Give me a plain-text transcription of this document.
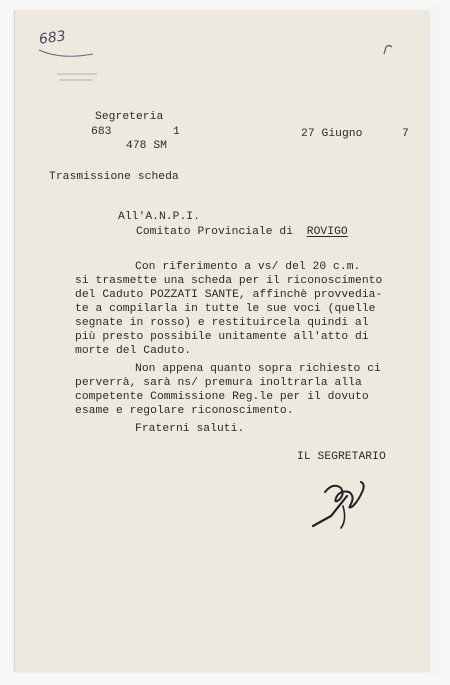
683
Segreteria
683	1
478 SM
27 Giugno	7
Trasmissione scheda
All'A.N.P.I.
Comitato Provinciale di ROVIGO
Con riferimento a vs/ del 20 c.m.
si trasmette una scheda per il riconoscimento
del Caduto POZZATI SANTE, affinchè provvedia-
te a compilarla in tutte le sue voci (quelle
segnate in rosso) e restituircela quindi al
più presto possibile unitamente all'atto di
morte del Caduto.
Non appena quanto sopra richiesto ci
perverrà, sarà ns/ premura inoltrarla alla
competente Commissione Reg.le per il dovuto
esame e regolare riconoscimento.
Fraterni saluti.
IL SEGRETARIO
